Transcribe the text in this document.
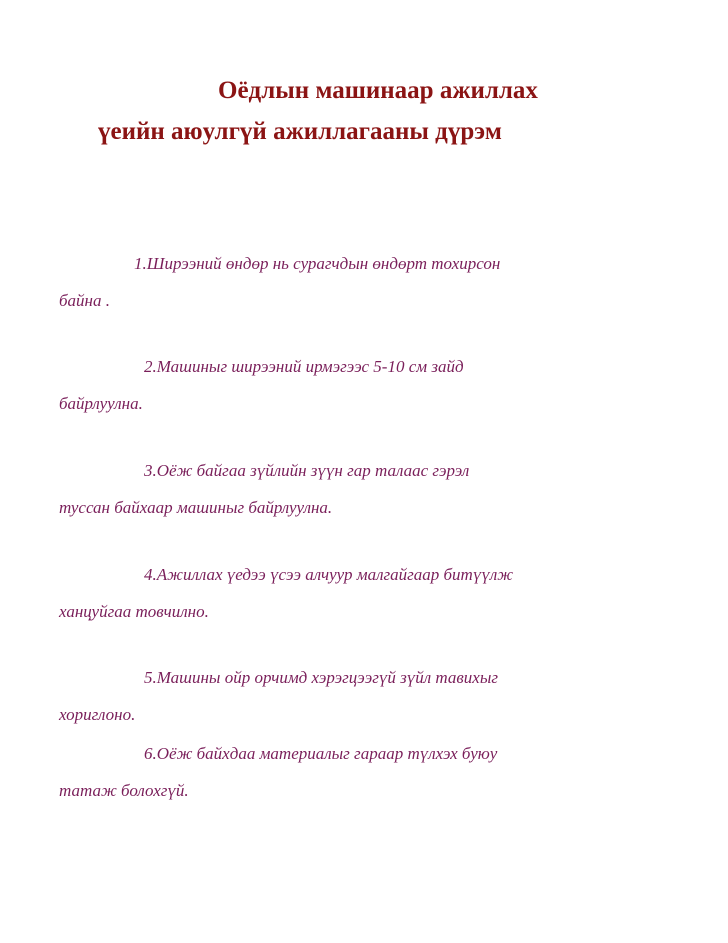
Оёдлын машинаар ажиллах
үеийн аюулгүй ажиллагааны дүрэм

1.Ширээний өндөр нь сурагчдын өндөрт тохирсон
байна .

2.Машиныг ширээний ирмэгээс 5-10 см зайд
байрлуулна.

3.Оёж байгаа зүйлийн зүүн гар талаас гэрэл
туссан байхаар машиныг байрлуулна.

4.Ажиллах үедээ үсээ алчуур малгайгаар битүүлж
ханцуйгаа товчилно.

5.Машины ойр орчимд хэрэгцээгүй зүйл тавихыг
хориглоно.

6.Оёж байхдаа материалыг гараар түлхэх буюу
татаж болохгүй.
